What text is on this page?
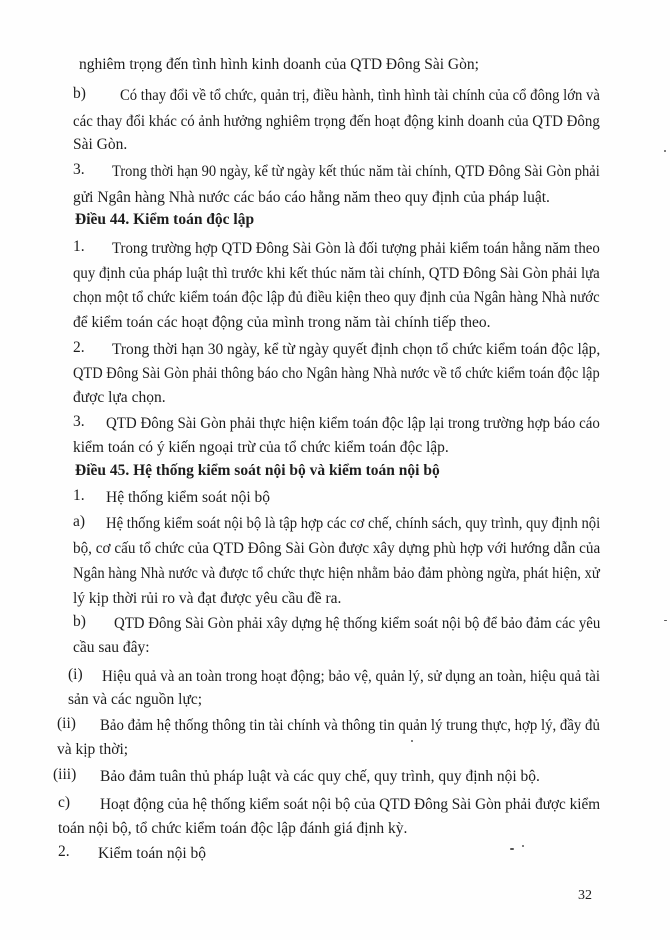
nghiêm trọng đến tình hình kinh doanh của QTD Đông Sài Gòn;
b) Có thay đổi về tổ chức, quản trị, điều hành, tình hình tài chính của cổ đông lớn và
các thay đổi khác có ảnh hưởng nghiêm trọng đến hoạt động kinh doanh của QTD Đông
Sài Gòn.
3. Trong thời hạn 90 ngày, kể từ ngày kết thúc năm tài chính, QTD Đông Sài Gòn phải
gửi Ngân hàng Nhà nước các báo cáo hằng năm theo quy định của pháp luật.
Điều 44. Kiểm toán độc lập
1. Trong trường hợp QTD Đông Sài Gòn là đối tượng phải kiểm toán hằng năm theo
quy định của pháp luật thì trước khi kết thúc năm tài chính, QTD Đông Sài Gòn phải lựa
chọn một tổ chức kiểm toán độc lập đủ điều kiện theo quy định của Ngân hàng Nhà nước
để kiểm toán các hoạt động của mình trong năm tài chính tiếp theo.
2. Trong thời hạn 30 ngày, kể từ ngày quyết định chọn tổ chức kiểm toán độc lập,
QTD Đông Sài Gòn phải thông báo cho Ngân hàng Nhà nước về tổ chức kiểm toán độc lập
được lựa chọn.
3. QTD Đông Sài Gòn phải thực hiện kiểm toán độc lập lại trong trường hợp báo cáo
kiểm toán có ý kiến ngoại trừ của tổ chức kiểm toán độc lập.
Điều 45. Hệ thống kiểm soát nội bộ và kiểm toán nội bộ
1. Hệ thống kiểm soát nội bộ
a) Hệ thống kiểm soát nội bộ là tập hợp các cơ chế, chính sách, quy trình, quy định nội
bộ, cơ cấu tổ chức của QTD Đông Sài Gòn được xây dựng phù hợp với hướng dẫn của
Ngân hàng Nhà nước và được tổ chức thực hiện nhằm bảo đảm phòng ngừa, phát hiện, xử
lý kịp thời rủi ro và đạt được yêu cầu đề ra.
b) QTD Đông Sài Gòn phải xây dựng hệ thống kiểm soát nội bộ để bảo đảm các yêu
cầu sau đây:
(i) Hiệu quả và an toàn trong hoạt động; bảo vệ, quản lý, sử dụng an toàn, hiệu quả tài
sản và các nguồn lực;
(ii) Bảo đảm hệ thống thông tin tài chính và thông tin quản lý trung thực, hợp lý, đầy đủ
và kịp thời;
(iii) Bảo đảm tuân thủ pháp luật và các quy chế, quy trình, quy định nội bộ.
c) Hoạt động của hệ thống kiểm soát nội bộ của QTD Đông Sài Gòn phải được kiểm
toán nội bộ, tổ chức kiểm toán độc lập đánh giá định kỳ.
2. Kiểm toán nội bộ
32
